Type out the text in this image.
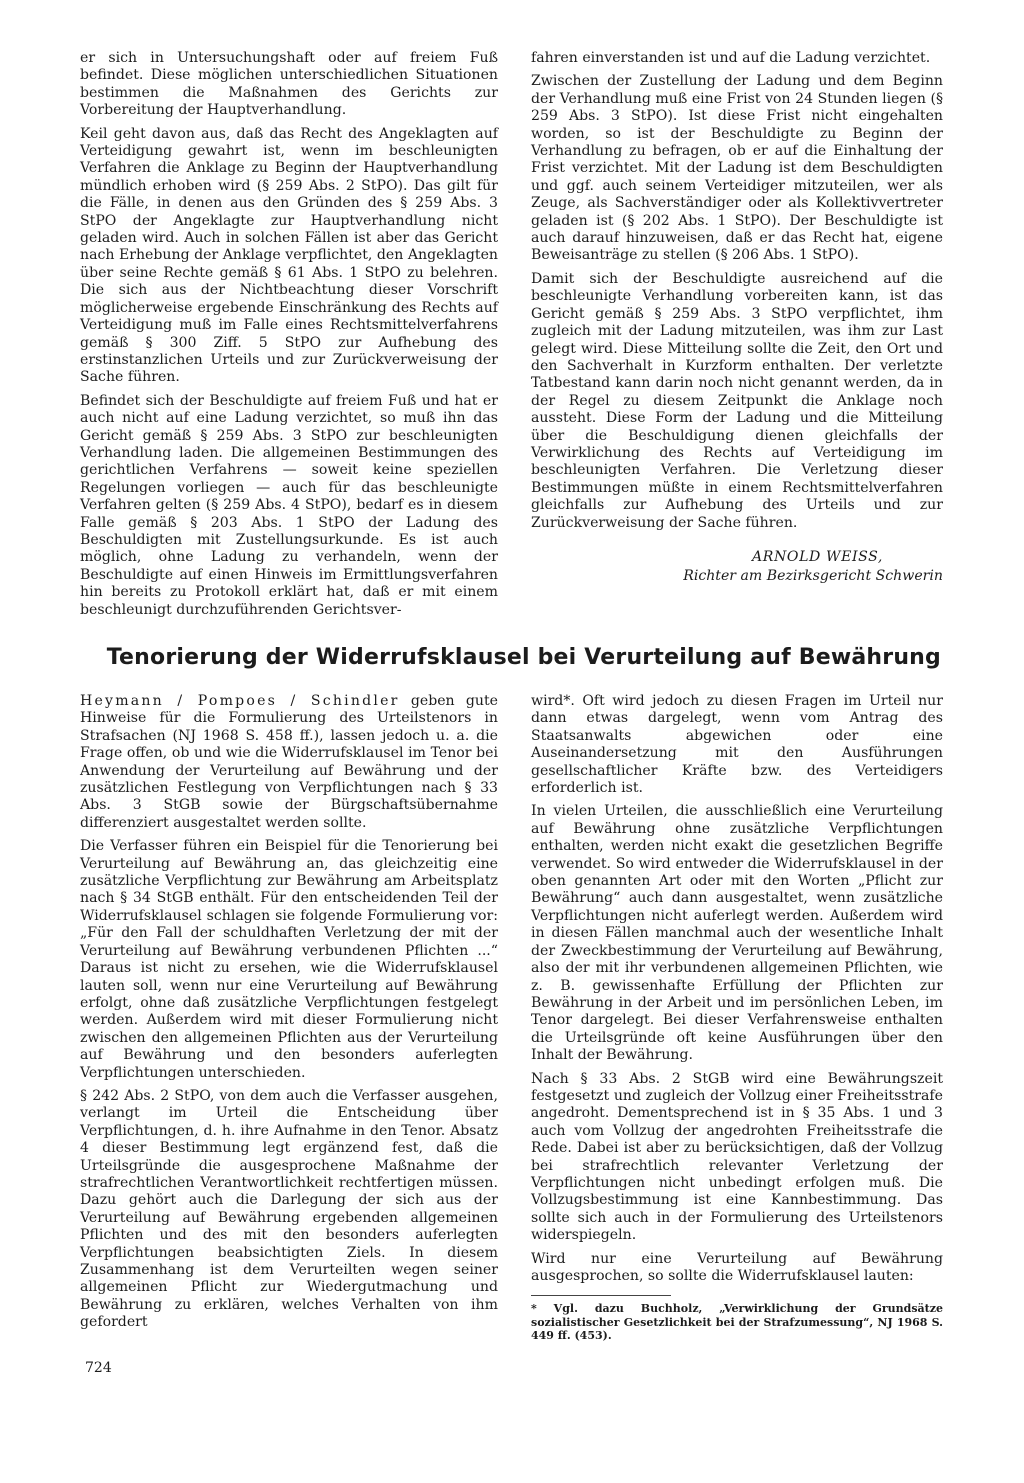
er sich in Untersuchungshaft oder auf freiem Fuß befindet. Diese möglichen unterschiedlichen Situationen bestimmen die Maßnahmen des Gerichts zur Vorbereitung der Hauptverhandlung.

Keil geht davon aus, daß das Recht des Angeklagten auf Verteidigung gewahrt ist, wenn im beschleunigten Verfahren die Anklage zu Beginn der Hauptverhandlung mündlich erhoben wird (§ 259 Abs. 2 StPO). Das gilt für die Fälle, in denen aus den Gründen des § 259 Abs. 3 StPO der Angeklagte zur Hauptverhandlung nicht geladen wird. Auch in solchen Fällen ist aber das Gericht nach Erhebung der Anklage verpflichtet, den Angeklagten über seine Rechte gemäß § 61 Abs. 1 StPO zu belehren. Die sich aus der Nichtbeachtung dieser Vorschrift möglicherweise ergebende Einschränkung des Rechts auf Verteidigung muß im Falle eines Rechtsmittelverfahrens gemäß § 300 Ziff. 5 StPO zur Aufhebung des erstinstanzlichen Urteils und zur Zurückverweisung der Sache führen.

Befindet sich der Beschuldigte auf freiem Fuß und hat er auch nicht auf eine Ladung verzichtet, so muß ihn das Gericht gemäß § 259 Abs. 3 StPO zur beschleunigten Verhandlung laden. Die allgemeinen Bestimmungen des gerichtlichen Verfahrens — soweit keine speziellen Regelungen vorliegen — auch für das beschleunigte Verfahren gelten (§ 259 Abs. 4 StPO), bedarf es in diesem Falle gemäß § 203 Abs. 1 StPO der Ladung des Beschuldigten mit Zustellungsurkunde. Es ist auch möglich, ohne Ladung zu verhandeln, wenn der Beschuldigte auf einen Hinweis im Ermittlungsverfahren hin bereits zu Protokoll erklärt hat, daß er mit einem beschleunigt durchzuführenden Gerichtsver-

fahren einverstanden ist und auf die Ladung verzichtet.

Zwischen der Zustellung der Ladung und dem Beginn der Verhandlung muß eine Frist von 24 Stunden liegen (§ 259 Abs. 3 StPO). Ist diese Frist nicht eingehalten worden, so ist der Beschuldigte zu Beginn der Verhandlung zu befragen, ob er auf die Einhaltung der Frist verzichtet. Mit der Ladung ist dem Beschuldigten und ggf. auch seinem Verteidiger mitzuteilen, wer als Zeuge, als Sachverständiger oder als Kollektivvertreter geladen ist (§ 202 Abs. 1 StPO). Der Beschuldigte ist auch darauf hinzuweisen, daß er das Recht hat, eigene Beweisanträge zu stellen (§ 206 Abs. 1 StPO).

Damit sich der Beschuldigte ausreichend auf die beschleunigte Verhandlung vorbereiten kann, ist das Gericht gemäß § 259 Abs. 3 StPO verpflichtet, ihm zugleich mit der Ladung mitzuteilen, was ihm zur Last gelegt wird. Diese Mitteilung sollte die Zeit, den Ort und den Sachverhalt in Kurzform enthalten. Der verletzte Tatbestand kann darin noch nicht genannt werden, da in der Regel zu diesem Zeitpunkt die Anklage noch aussteht. Diese Form der Ladung und die Mitteilung über die Beschuldigung dienen gleichfalls der Verwirklichung des Rechts auf Verteidigung im beschleunigten Verfahren. Die Verletzung dieser Bestimmungen müßte in einem Rechtsmittelverfahren gleichfalls zur Aufhebung des Urteils und zur Zurückverweisung der Sache führen.

ARNOLD WEISS,
Richter am Bezirksgericht Schwerin
Tenorierung der Widerrufsklausel bei Verurteilung auf Bewährung

Heymann / Pompoes / Schindler geben gute Hinweise für die Formulierung des Urteilstenors in Strafsachen (NJ 1968 S. 458 ff.), lassen jedoch u. a. die Frage offen, ob und wie die Widerrufsklausel im Tenor bei Anwendung der Verurteilung auf Bewährung und der zusätzlichen Festlegung von Verpflichtungen nach § 33 Abs. 3 StGB sowie der Bürgschaftsübernahme differenziert ausgestaltet werden sollte.

Die Verfasser führen ein Beispiel für die Tenorierung bei Verurteilung auf Bewährung an, das gleichzeitig eine zusätzliche Verpflichtung zur Bewährung am Arbeitsplatz nach § 34 StGB enthält. Für den entscheidenden Teil der Widerrufsklausel schlagen sie folgende Formulierung vor: „Für den Fall der schuldhaften Verletzung der mit der Verurteilung auf Bewährung verbundenen Pflichten ...“ Daraus ist nicht zu ersehen, wie die Widerrufsklausel lauten soll, wenn nur eine Verurteilung auf Bewährung erfolgt, ohne daß zusätzliche Verpflichtungen festgelegt werden. Außerdem wird mit dieser Formulierung nicht zwischen den allgemeinen Pflichten aus der Verurteilung auf Bewährung und den besonders auferlegten Verpflichtungen unterschieden.

§ 242 Abs. 2 StPO, von dem auch die Verfasser ausgehen, verlangt im Urteil die Entscheidung über Verpflichtungen, d. h. ihre Aufnahme in den Tenor. Absatz 4 dieser Bestimmung legt ergänzend fest, daß die Urteilsgründe die ausgesprochene Maßnahme der strafrechtlichen Verantwortlichkeit rechtfertigen müssen. Dazu gehört auch die Darlegung der sich aus der Verurteilung auf Bewährung ergebenden allgemeinen Pflichten und des mit den besonders auferlegten Verpflichtungen beabsichtigten Ziels. In diesem Zusammenhang ist dem Verurteilten wegen seiner allgemeinen Pflicht zur Wiedergutmachung und Bewährung zu erklären, welches Verhalten von ihm gefordert

wird*. Oft wird jedoch zu diesen Fragen im Urteil nur dann etwas dargelegt, wenn vom Antrag des Staatsanwalts abgewichen oder eine Auseinandersetzung mit den Ausführungen gesellschaftlicher Kräfte bzw. des Verteidigers erforderlich ist.

In vielen Urteilen, die ausschließlich eine Verurteilung auf Bewährung ohne zusätzliche Verpflichtungen enthalten, werden nicht exakt die gesetzlichen Begriffe verwendet. So wird entweder die Widerrufsklausel in der oben genannten Art oder mit den Worten „Pflicht zur Bewährung“ auch dann ausgestaltet, wenn zusätzliche Verpflichtungen nicht auferlegt werden. Außerdem wird in diesen Fällen manchmal auch der wesentliche Inhalt der Zweckbestimmung der Verurteilung auf Bewährung, also der mit ihr verbundenen allgemeinen Pflichten, wie z. B. gewissenhafte Erfüllung der Pflichten zur Bewährung in der Arbeit und im persönlichen Leben, im Tenor dargelegt. Bei dieser Verfahrensweise enthalten die Urteilsgründe oft keine Ausführungen über den Inhalt der Bewährung.

Nach § 33 Abs. 2 StGB wird eine Bewährungszeit festgesetzt und zugleich der Vollzug einer Freiheitsstrafe angedroht. Dementsprechend ist in § 35 Abs. 1 und 3 auch vom Vollzug der angedrohten Freiheitsstrafe die Rede. Dabei ist aber zu berücksichtigen, daß der Vollzug bei strafrechtlich relevanter Verletzung der Verpflichtungen nicht unbedingt erfolgen muß. Die Vollzugsbestimmung ist eine Kannbestimmung. Das sollte sich auch in der Formulierung des Urteilstenors widerspiegeln.

Wird nur eine Verurteilung auf Bewährung ausgesprochen, so sollte die Widerrufsklausel lauten:

* Vgl. dazu Buchholz, „Verwirklichung der Grundsätze sozialistischer Gesetzlichkeit bei der Strafzumessung“, NJ 1968 S. 449 ff. (453).

724
